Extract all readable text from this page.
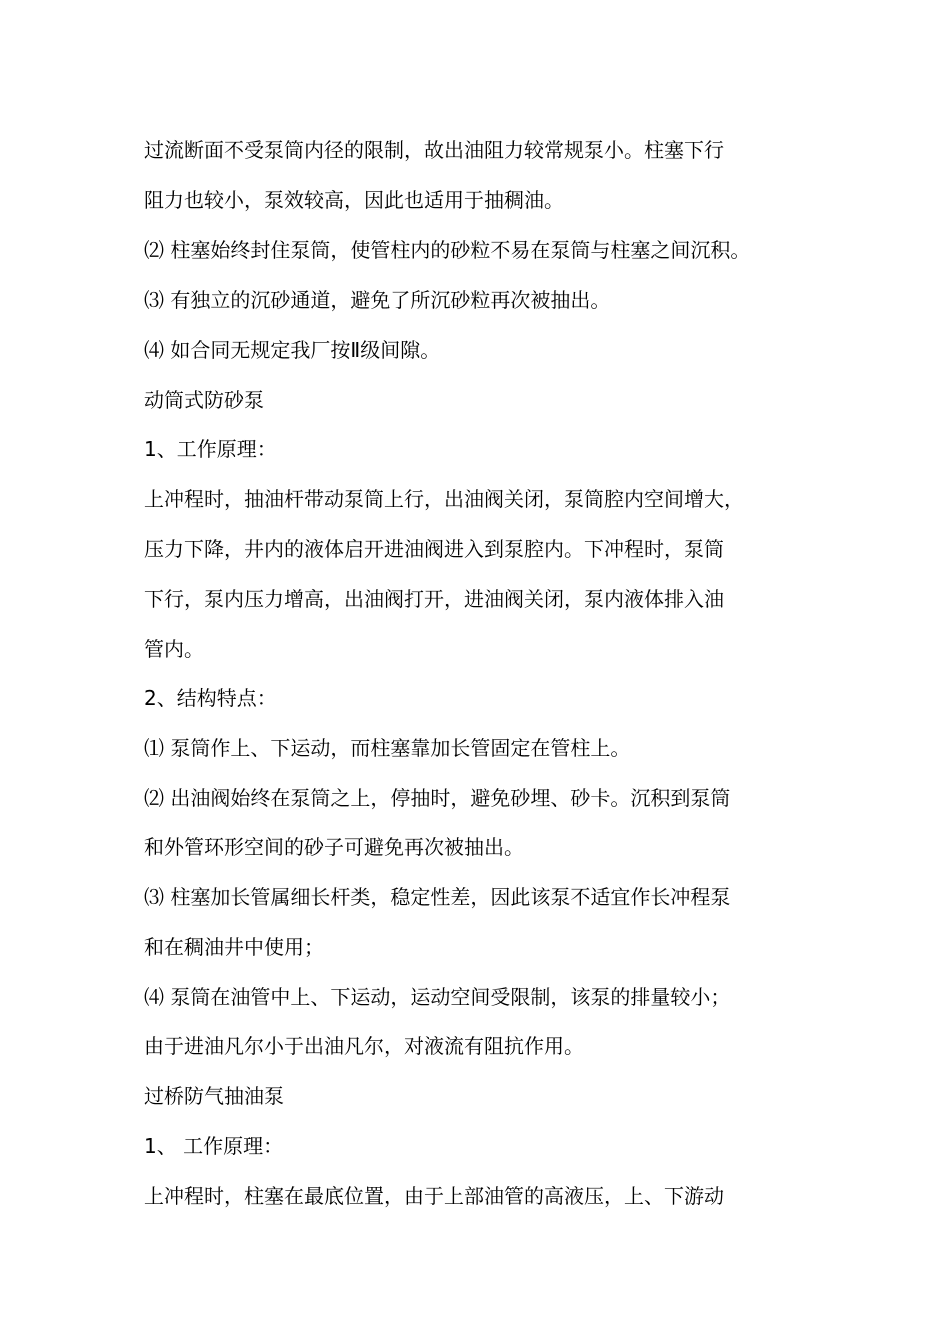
过流断面不受泵筒内径的限制，故出油阻力较常规泵小。柱塞下行
阻力也较小，泵效较高，因此也适用于抽稠油。
⑵ 柱塞始终封住泵筒，使管柱内的砂粒不易在泵筒与柱塞之间沉积。
⑶ 有独立的沉砂通道，避免了所沉砂粒再次被抽出。
⑷ 如合同无规定我厂按Ⅱ级间隙。
动筒式防砂泵
1、工作原理：
上冲程时，抽油杆带动泵筒上行，出油阀关闭，泵筒腔内空间增大，
压力下降，井内的液体启开进油阀进入到泵腔内。下冲程时，泵筒
下行，泵内压力增高，出油阀打开，进油阀关闭，泵内液体排入油
管内。
2、结构特点：
⑴ 泵筒作上、下运动，而柱塞靠加长管固定在管柱上。
⑵ 出油阀始终在泵筒之上，停抽时，避免砂埋、砂卡。沉积到泵筒
和外管环形空间的砂子可避免再次被抽出。
⑶ 柱塞加长管属细长杆类，稳定性差，因此该泵不适宜作长冲程泵
和在稠油井中使用；
⑷ 泵筒在油管中上、下运动，运动空间受限制，该泵的排量较小；
由于进油凡尔小于出油凡尔，对液流有阻抗作用。
过桥防气抽油泵
1、 工作原理：
上冲程时，柱塞在最底位置，由于上部油管的高液压，上、下游动
